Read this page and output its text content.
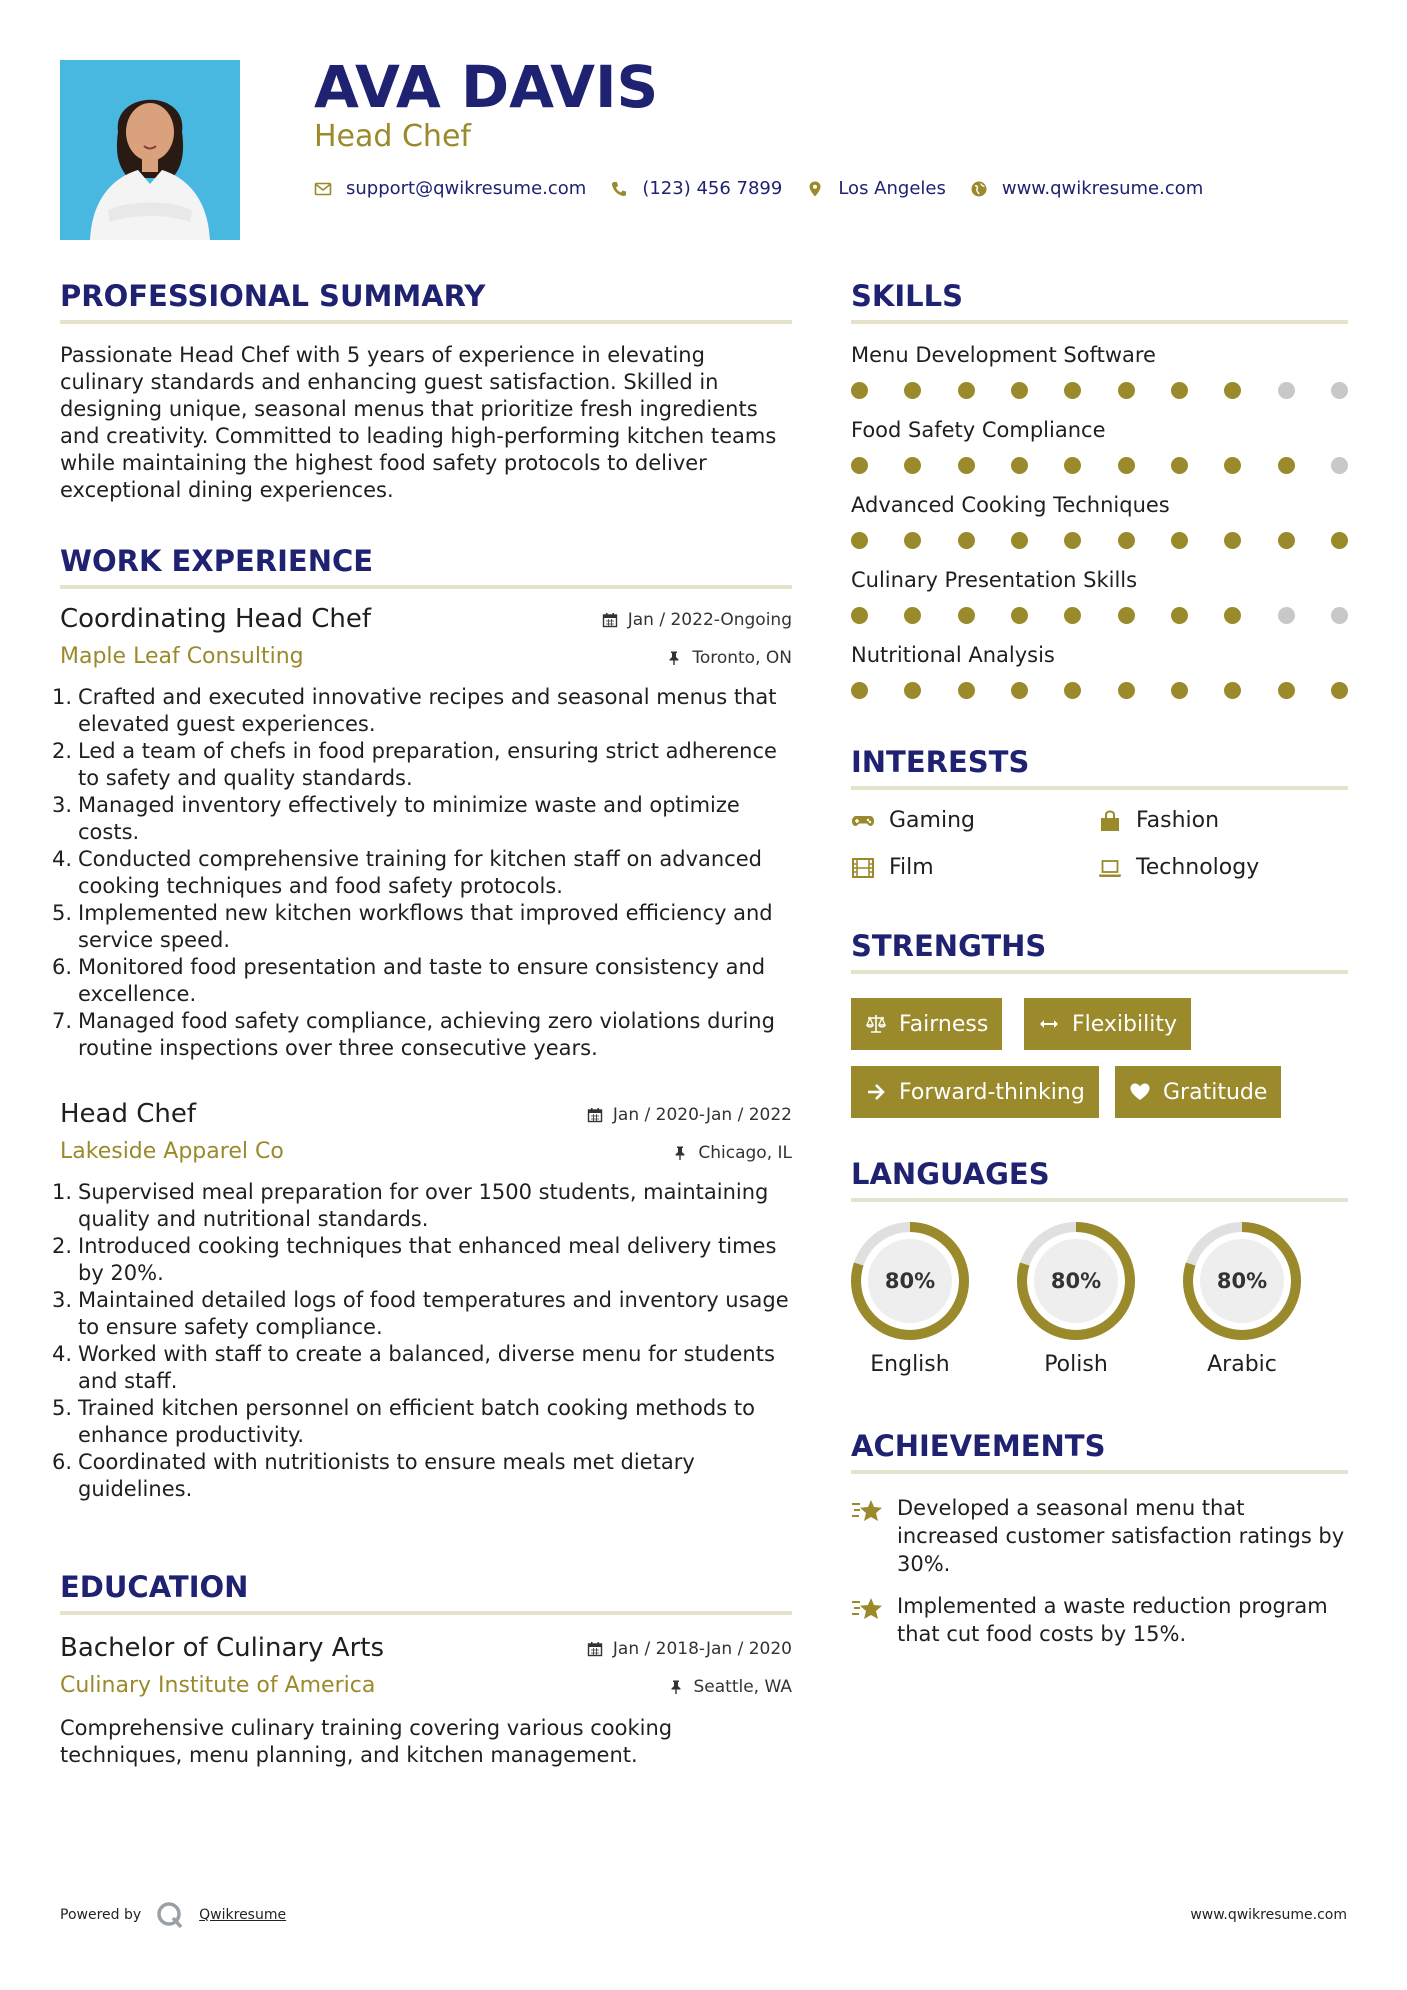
AVA DAVIS
Head Chef
support@qwikresume.com	(123) 456 7899	Los Angeles	www.qwikresume.com
PROFESSIONAL SUMMARY
Passionate Head Chef with 5 years of experience in elevating culinary standards and enhancing guest satisfaction. Skilled in designing unique, seasonal menus that prioritize fresh ingredients and creativity. Committed to leading high-performing kitchen teams while maintaining the highest food safety protocols to deliver exceptional dining experiences.
WORK EXPERIENCE
Coordinating Head Chef	Jan / 2022-Ongoing
Maple Leaf Consulting	Toronto, ON
1. Crafted and executed innovative recipes and seasonal menus that elevated guest experiences.
2. Led a team of chefs in food preparation, ensuring strict adherence to safety and quality standards.
3. Managed inventory effectively to minimize waste and optimize costs.
4. Conducted comprehensive training for kitchen staff on advanced cooking techniques and food safety protocols.
5. Implemented new kitchen workflows that improved efficiency and service speed.
6. Monitored food presentation and taste to ensure consistency and excellence.
7. Managed food safety compliance, achieving zero violations during routine inspections over three consecutive years.
Head Chef	Jan / 2020-Jan / 2022
Lakeside Apparel Co	Chicago, IL
1. Supervised meal preparation for over 1500 students, maintaining quality and nutritional standards.
2. Introduced cooking techniques that enhanced meal delivery times by 20%.
3. Maintained detailed logs of food temperatures and inventory usage to ensure safety compliance.
4. Worked with staff to create a balanced, diverse menu for students and staff.
5. Trained kitchen personnel on efficient batch cooking methods to enhance productivity.
6. Coordinated with nutritionists to ensure meals met dietary guidelines.
EDUCATION
Bachelor of Culinary Arts	Jan / 2018-Jan / 2020
Culinary Institute of America	Seattle, WA
Comprehensive culinary training covering various cooking techniques, menu planning, and kitchen management.
SKILLS
Menu Development Software
Food Safety Compliance
Advanced Cooking Techniques
Culinary Presentation Skills
Nutritional Analysis
INTERESTS
Gaming	Fashion
Film	Technology
STRENGTHS
Fairness	Flexibility
Forward-thinking	Gratitude
LANGUAGES
80%
English
80%
Polish
80%
Arabic
ACHIEVEMENTS
Developed a seasonal menu that increased customer satisfaction ratings by 30%.
Implemented a waste reduction program that cut food costs by 15%.
Powered by	Qwikresume	www.qwikresume.com
